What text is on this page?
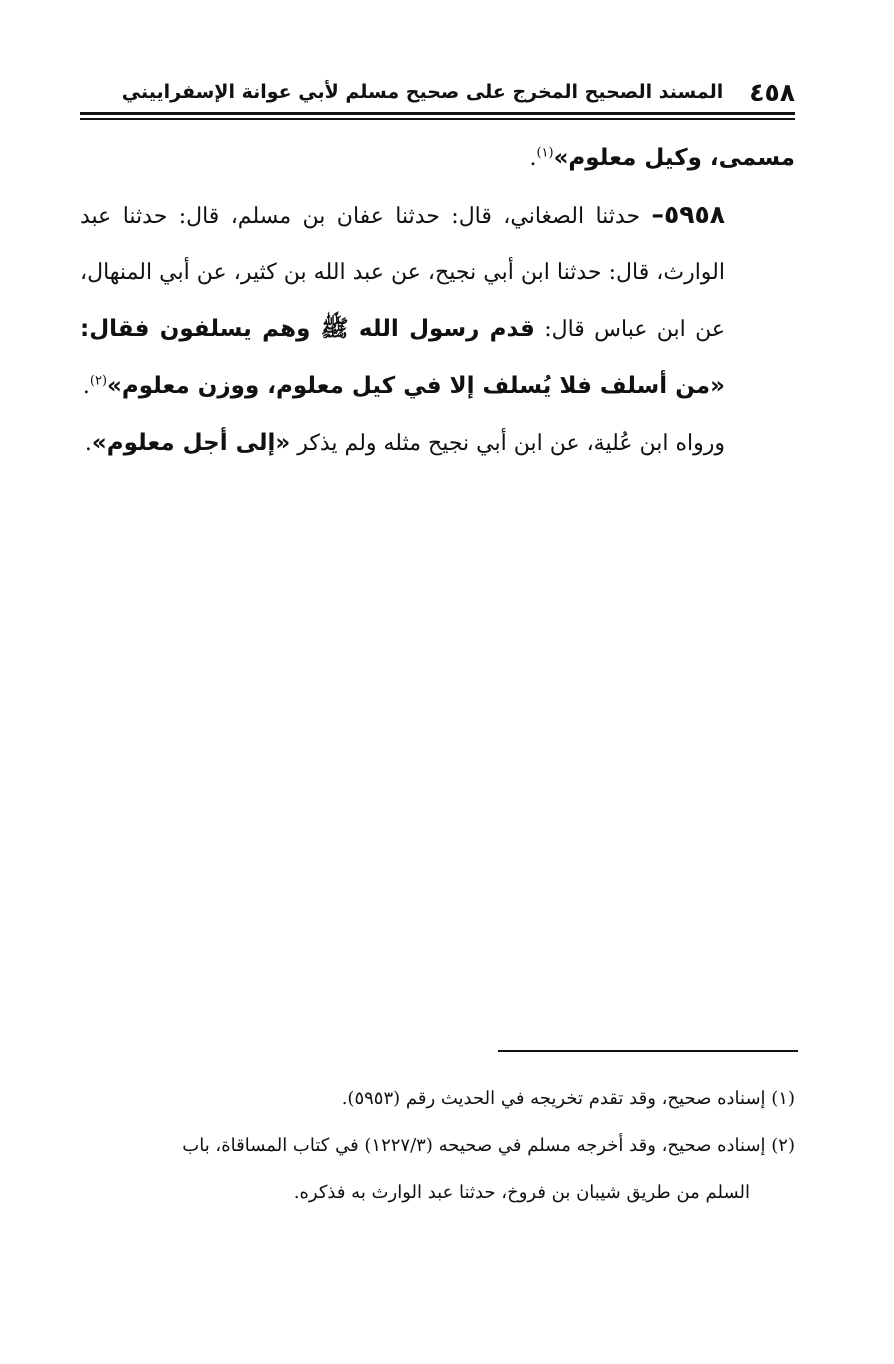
٤٥٨
المسند الصحيح المخرج على صحيح مسلم لأبي عوانة الإسفراييني

مسمى، وكيل معلوم»$^{(١)}$.

٥٩٥٨– حدثنا الصغاني، قال: حدثنا عفان بن مسلم، قال: حدثنا عبد الوارث، قال: حدثنا ابن أبي نجيح، عن عبد الله بن كثير، عن أبي المنهال، عن ابن عباس قال: قدم رسول الله ﷺ وهم يسلفون فقال: «من أسلف فلا يُسلف إلا في كيل معلوم، ووزن معلوم»$^{(٢)}$.

ورواه ابن عُلية، عن ابن أبي نجيح مثله ولم يذكر «إلى أجل معلوم».

(١) إسناده صحيح، وقد تقدم تخريجه في الحديث رقم (٥٩٥٣).

(٢) إسناده صحيح، وقد أخرجه مسلم في صحيحه (١٢٢٧/٣) في كتاب المساقاة، باب

السلم من طريق شيبان بن فروخ، حدثنا عبد الوارث به فذكره.
